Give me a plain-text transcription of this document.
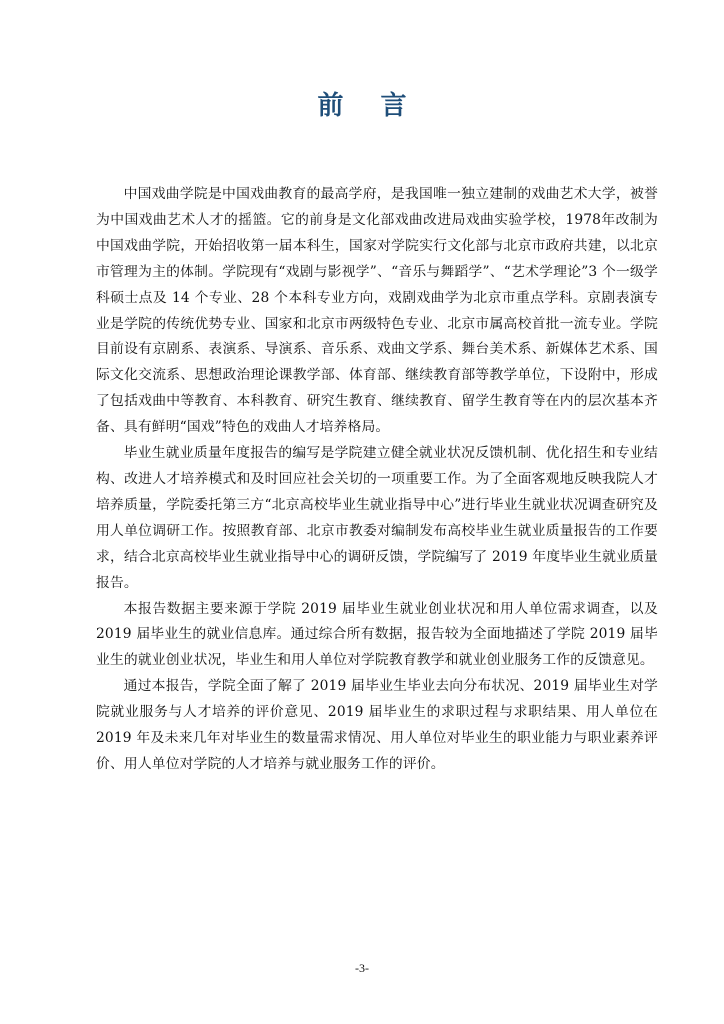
前 言

中国戏曲学院是中国戏曲教育的最高学府，是我国唯一独立建制的戏曲艺术大学，被誉为中国戏曲艺术人才的摇篮。它的前身是文化部戏曲改进局戏曲实验学校，1978年改制为中国戏曲学院，开始招收第一届本科生，国家对学院实行文化部与北京市政府共建，以北京市管理为主的体制。学院现有“戏剧与影视学”、“音乐与舞蹈学”、“艺术学理论”3 个一级学科硕士点及 14 个专业、28 个本科专业方向，戏剧戏曲学为北京市重点学科。京剧表演专业是学院的传统优势专业、国家和北京市两级特色专业、北京市属高校首批一流专业。学院目前设有京剧系、表演系、导演系、音乐系、戏曲文学系、舞台美术系、新媒体艺术系、国际文化交流系、思想政治理论课教学部、体育部、继续教育部等教学单位，下设附中，形成了包括戏曲中等教育、本科教育、研究生教育、继续教育、留学生教育等在内的层次基本齐备、具有鲜明“国戏”特色的戏曲人才培养格局。

毕业生就业质量年度报告的编写是学院建立健全就业状况反馈机制、优化招生和专业结构、改进人才培养模式和及时回应社会关切的一项重要工作。为了全面客观地反映我院人才培养质量，学院委托第三方“北京高校毕业生就业指导中心”进行毕业生就业状况调查研究及用人单位调研工作。按照教育部、北京市教委对编制发布高校毕业生就业质量报告的工作要求，结合北京高校毕业生就业指导中心的调研反馈，学院编写了 2019 年度毕业生就业质量报告。

本报告数据主要来源于学院 2019 届毕业生就业创业状况和用人单位需求调查，以及 2019 届毕业生的就业信息库。通过综合所有数据，报告较为全面地描述了学院 2019 届毕业生的就业创业状况，毕业生和用人单位对学院教育教学和就业创业服务工作的反馈意见。

通过本报告，学院全面了解了 2019 届毕业生毕业去向分布状况、2019 届毕业生对学院就业服务与人才培养的评价意见、2019 届毕业生的求职过程与求职结果、用人单位在 2019 年及未来几年对毕业生的数量需求情况、用人单位对毕业生的职业能力与职业素养评价、用人单位对学院的人才培养与就业服务工作的评价。

-3-
